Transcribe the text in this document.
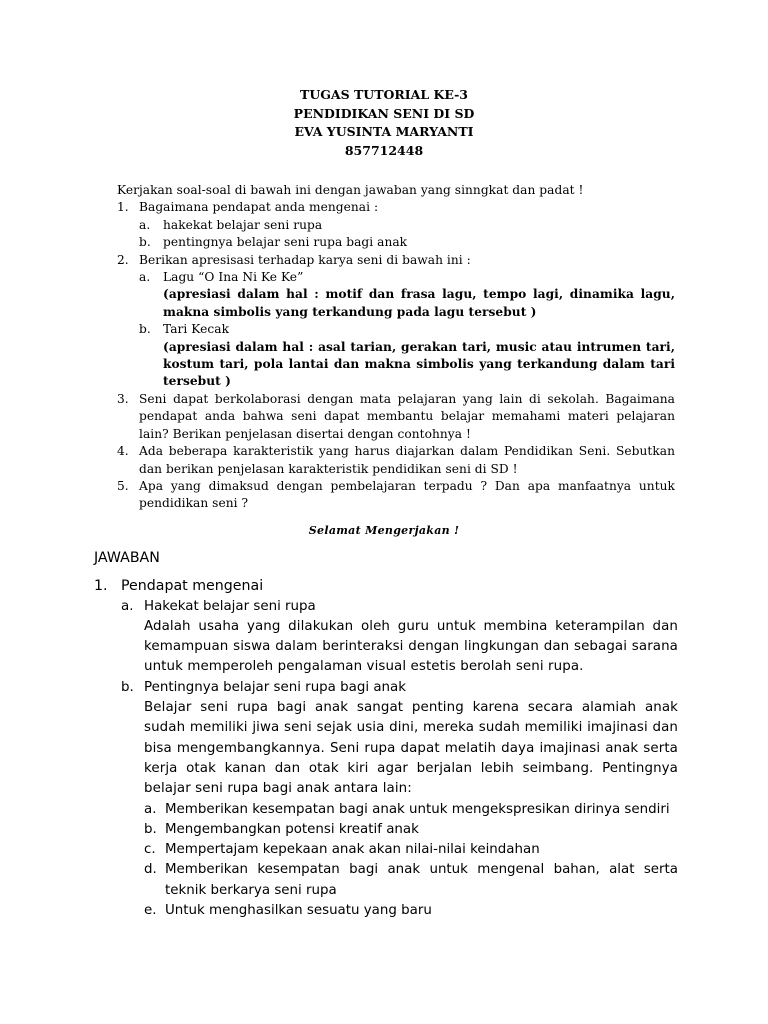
TUGAS TUTORIAL KE-3
PENDIDIKAN SENI DI SD
EVA YUSINTA MARYANTI
857712448

Kerjakan soal-soal di bawah ini dengan jawaban yang sinngkat dan padat !

1. Bagaimana pendapat anda mengenai :

a. hakekat belajar seni rupa

b. pentingnya belajar seni rupa bagi anak

2. Berikan apresisasi terhadap karya seni di bawah ini :

a. Lagu “O Ina Ni Ke Ke”

(apresiasi dalam hal : motif dan frasa lagu, tempo lagi, dinamika lagu, makna simbolis yang terkandung pada lagu tersebut )

b. Tari Kecak

(apresiasi dalam hal : asal tarian, gerakan tari, music atau intrumen tari, kostum tari, pola lantai dan makna simbolis yang terkandung dalam tari tersebut )

3. Seni dapat berkolaborasi dengan mata pelajaran yang lain di sekolah. Bagaimana pendapat anda bahwa seni dapat membantu belajar memahami materi pelajaran lain? Berikan penjelasan disertai dengan contohnya !

4. Ada beberapa karakteristik yang harus diajarkan dalam Pendidikan Seni. Sebutkan dan berikan penjelasan karakteristik pendidikan seni di SD !

5. Apa yang dimaksud dengan pembelajaran terpadu ? Dan apa manfaatnya untuk pendidikan seni ?

Selamat Mengerjakan !

JAWABAN

1. Pendapat mengenai
a. Hakekat belajar seni rupa

Adalah usaha yang dilakukan oleh guru untuk membina keterampilan dan kemampuan siswa dalam berinteraksi dengan lingkungan dan sebagai sarana untuk memperoleh pengalaman visual estetis berolah seni rupa.

b. Pentingnya belajar seni rupa bagi anak

Belajar seni rupa bagi anak sangat penting karena secara alamiah anak sudah memiliki jiwa seni sejak usia dini, mereka sudah memiliki imajinasi dan bisa mengembangkannya. Seni rupa dapat melatih daya imajinasi anak serta kerja otak kanan dan otak kiri agar berjalan lebih seimbang. Pentingnya belajar seni rupa bagi anak antara lain:

a. Memberikan kesempatan bagi anak untuk mengekspresikan dirinya sendiri
b. Mengembangkan potensi kreatif anak
c. Mempertajam kepekaan anak akan nilai-nilai keindahan
d. Memberikan kesempatan bagi anak untuk mengenal bahan, alat serta teknik berkarya seni rupa
e. Untuk menghasilkan sesuatu yang baru
